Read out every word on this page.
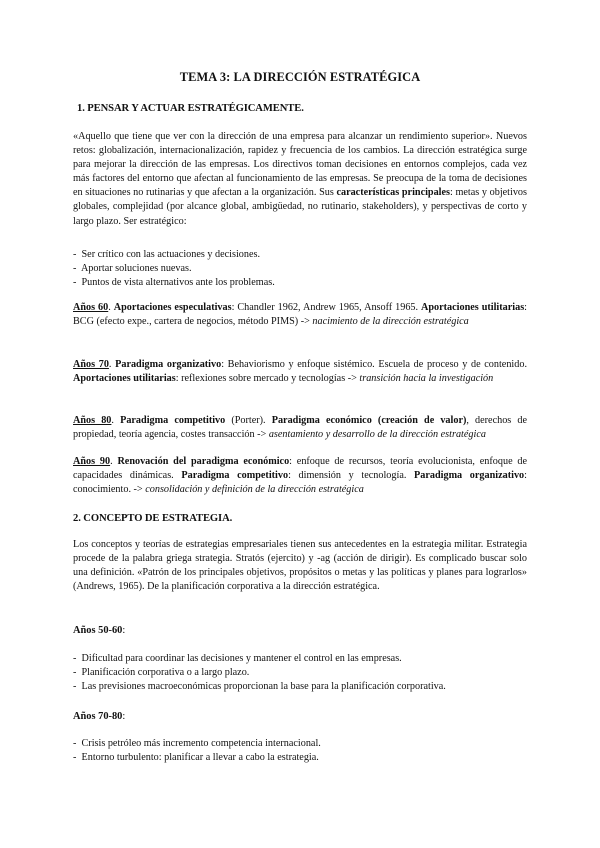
TEMA 3: LA DIRECCIÓN ESTRATÉGICA
1. PENSAR Y ACTUAR ESTRATÉGICAMENTE.

«Aquello que tiene que ver con la dirección de una empresa para alcanzar un rendimiento superior». Nuevos retos: globalización, internacionalización, rapidez y frecuencia de los cambios. La dirección estratégica surge para mejorar la dirección de las empresas. Los directivos toman decisiones en entornos complejos, cada vez más factores del entorno que afectan al funcionamiento de las empresas. Se preocupa de la toma de decisiones en situaciones no rutinarias y que afectan a la organización. Sus características principales: metas y objetivos globales, complejidad (por alcance global, ambigüedad, no rutinario, stakeholders), y perspectivas de corto y largo plazo. Ser estratégico:

- Ser crítico con las actuaciones y decisiones.
- Aportar soluciones nuevas.
- Puntos de vista alternativos ante los problemas.

Años 60. Aportaciones especulativas: Chandler 1962, Andrew 1965, Ansoff 1965. Aportaciones utilitarias: BCG (efecto expe., cartera de negocios, método PIMS) -> nacimiento de la dirección estratégica

Años 70. Paradigma organizativo: Behaviorismo y enfoque sistémico. Escuela de proceso y de contenido. Aportaciones utilitarias: reflexiones sobre mercado y tecnologías -> transición hacia la investigación

Años 80. Paradigma competitivo (Porter). Paradigma económico (creación de valor), derechos de propiedad, teoría agencia, costes transacción -> asentamiento y desarrollo de la dirección estratégica

Años 90. Renovación del paradigma económico: enfoque de recursos, teoría evolucionista, enfoque de capacidades dinámicas. Paradigma competitivo: dimensión y tecnología. Paradigma organizativo: conocimiento. -> consolidación y definición de la dirección estratégica

2. CONCEPTO DE ESTRATEGIA.

Los conceptos y teorías de estrategias empresariales tienen sus antecedentes en la estrategia militar. Estrategia procede de la palabra griega strategia. Stratós (ejercito) y -ag (acción de dirigir). Es complicado buscar solo una definición. «Patrón de los principales objetivos, propósitos o metas y las políticas y planes para lograrlos» (Andrews, 1965). De la planificación corporativa a la dirección estratégica.

Años 50-60:
- Dificultad para coordinar las decisiones y mantener el control en las empresas.
- Planificación corporativa o a largo plazo.
- Las previsiones macroeconómicas proporcionan la base para la planificación corporativa.
Años 70-80:
- Crisis petróleo más incremento competencia internacional.
- Entorno turbulento: planificar a llevar a cabo la estrategia.
